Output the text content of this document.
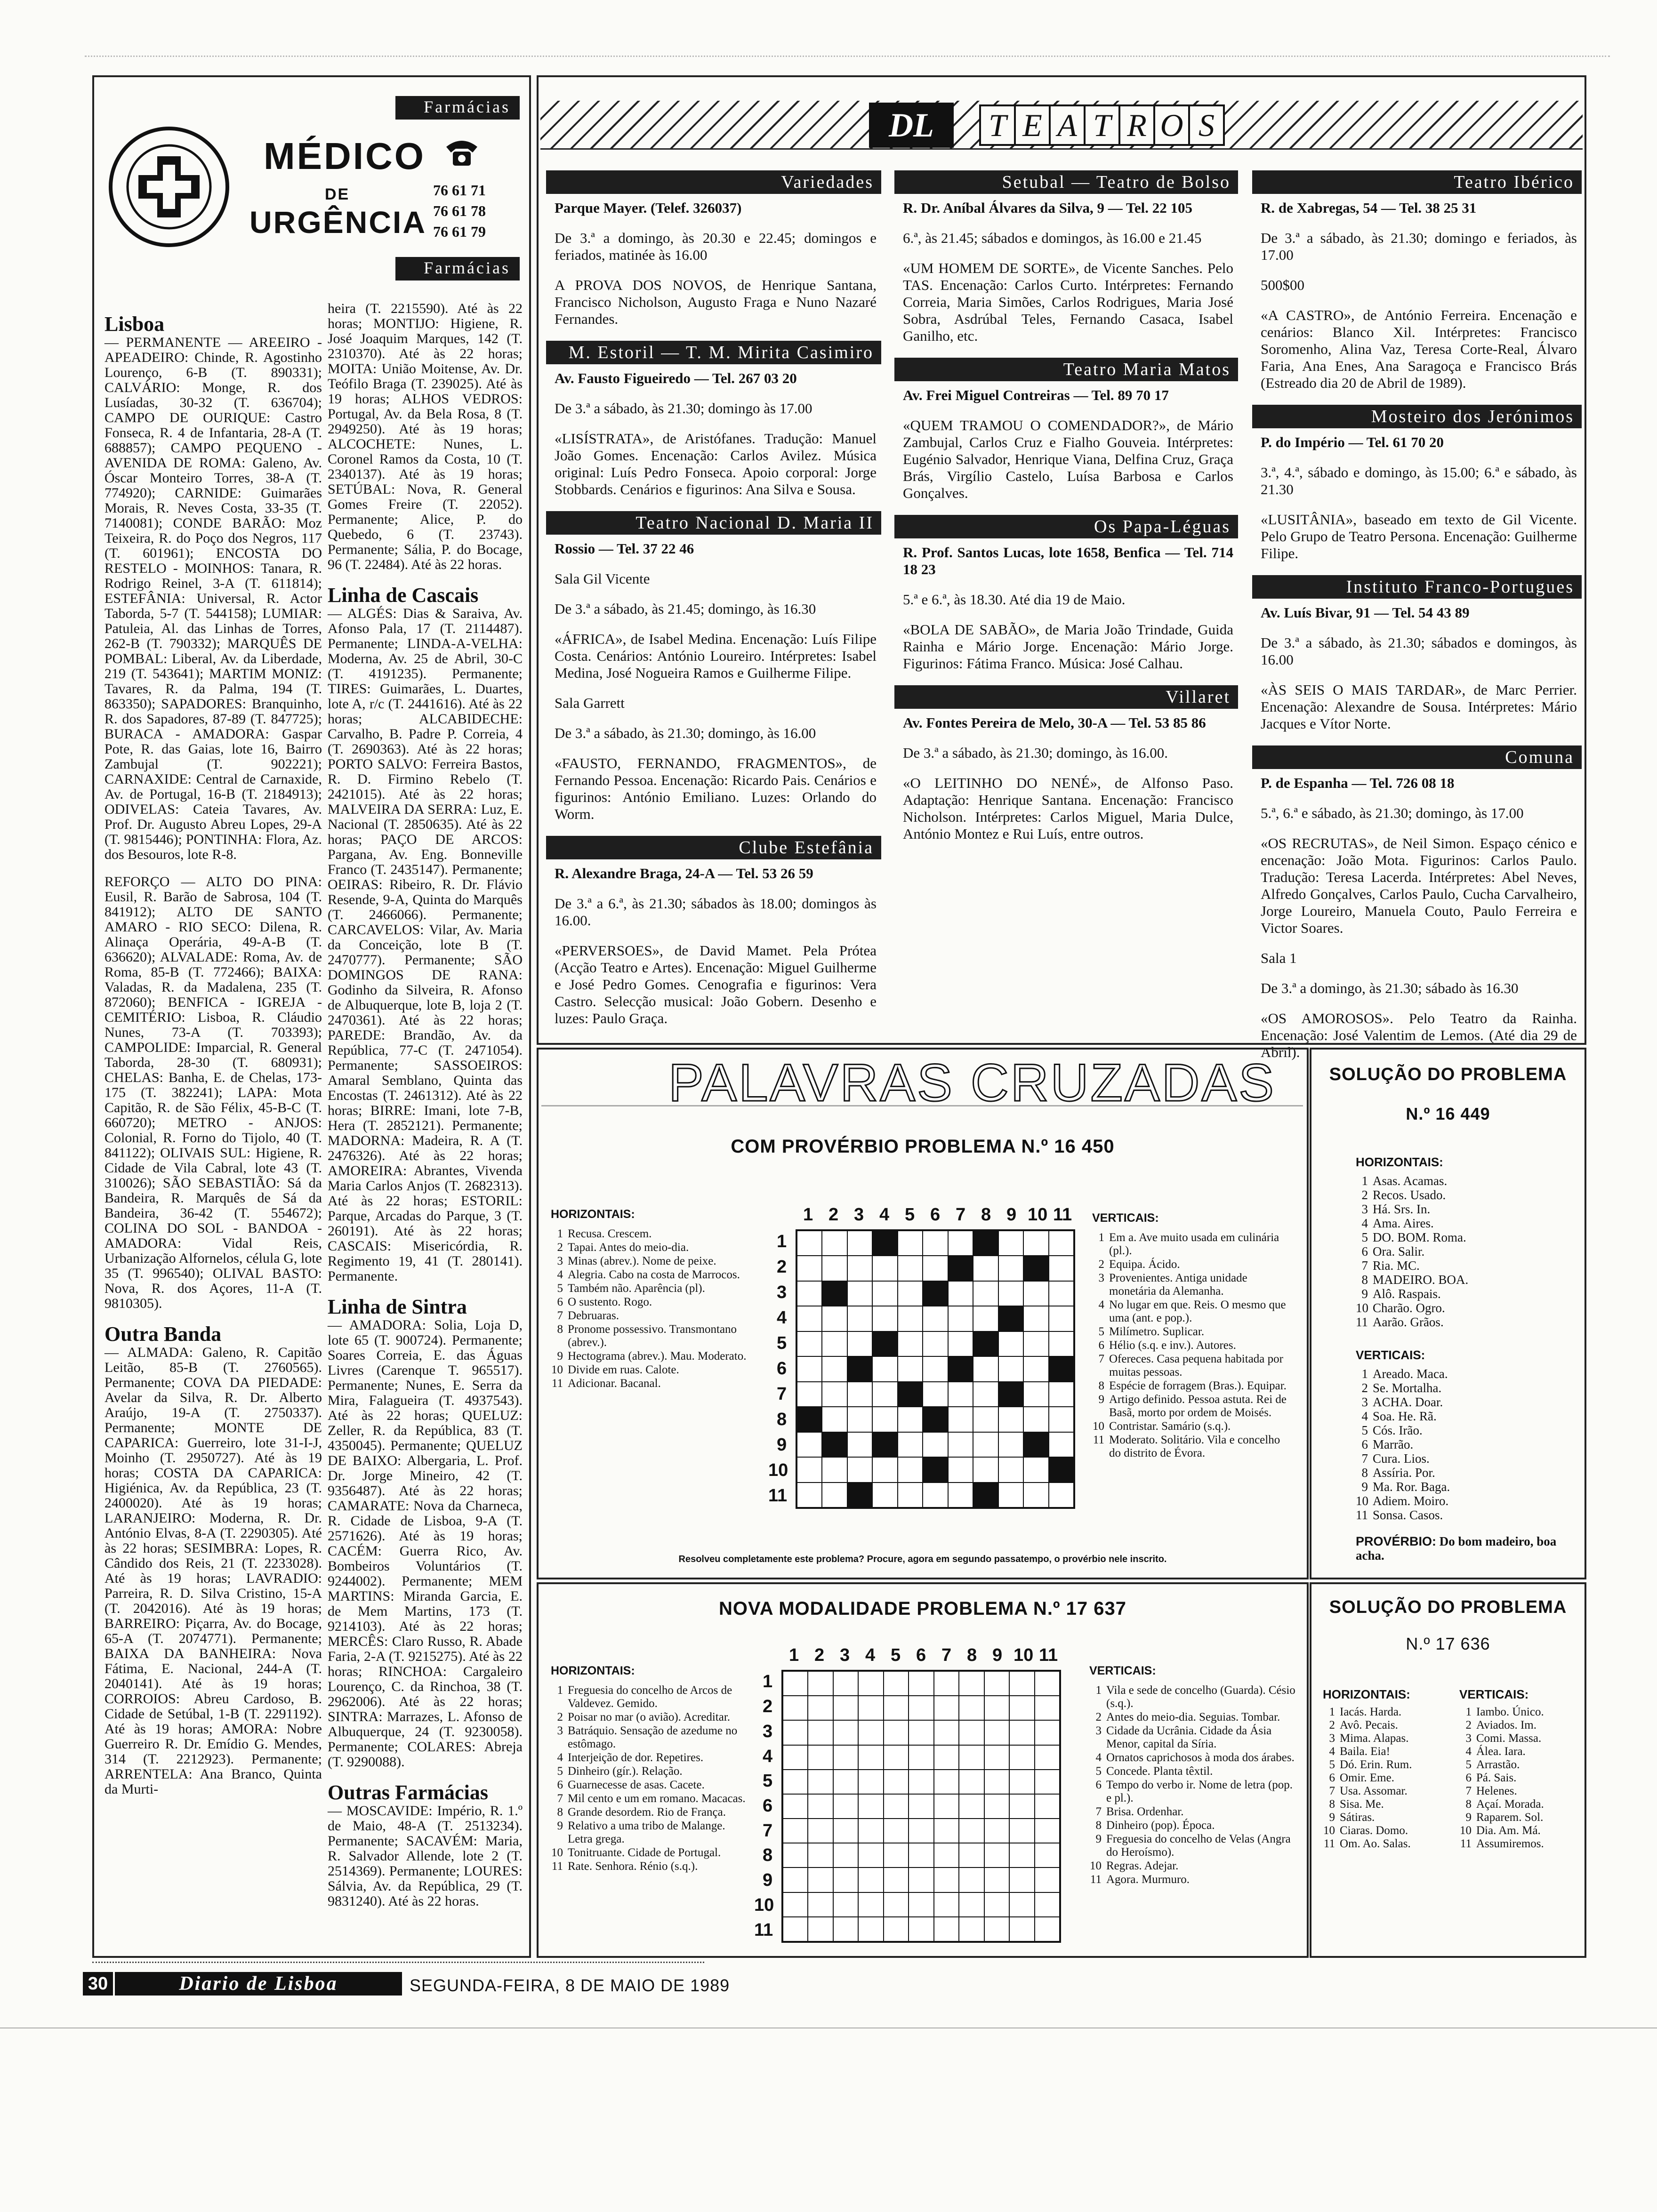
Farmácias
MÉDICO
DE
URGÊNCIA
76 61 71
76 61 78
76 61 79
Farmácias

Lisboa

— PERMANENTE — AREEIRO - APEADEIRO: Chinde, R. Agostinho Lourenço, 6-B (T. 890331); CALVÁRIO: Monge, R. dos Lusíadas, 30-32 (T. 636704); CAMPO DE OURIQUE: Castro Fonseca, R. 4 de Infantaria, 28-A (T. 688857); CAMPO PEQUENO - AVENIDA DE ROMA: Galeno, Av. Óscar Monteiro Torres, 38-A (T. 774920); CARNIDE: Guimarães Morais, R. Neves Costa, 33-35 (T. 7140081); CONDE BARÃO: Moz Teixeira, R. do Poço dos Negros, 117 (T. 601961); ENCOSTA DO RESTELO - MOINHOS: Tanara, R. Rodrigo Reinel, 3-A (T. 611814); ESTEFÂNIA: Universal, R. Actor Taborda, 5-7 (T. 544158); LUMIAR: Patuleia, Al. das Linhas de Torres, 262-B (T. 790332); MARQUÊS DE POMBAL: Liberal, Av. da Liberdade, 219 (T. 543641); MARTIM MONIZ: Tavares, R. da Palma, 194 (T. 863350); SAPADORES: Branquinho, R. dos Sapadores, 87-89 (T. 847725); BURACA - AMADORA: Gaspar Pote, R. das Gaias, lote 16, Bairro Zambujal (T. 902221); CARNAXIDE: Central de Carnaxide, Av. de Portugal, 16-B (T. 2184913); ODIVELAS: Cateia Tavares, Av. Prof. Dr. Augusto Abreu Lopes, 29-A (T. 9815446); PONTINHA: Flora, Az. dos Besouros, lote R-8.

REFORÇO — ALTO DO PINA: Eusil, R. Barão de Sabrosa, 104 (T. 841912); ALTO DE SANTO AMARO - RIO SECO: Dilena, R. Alinaça Operária, 49-A-B (T. 636620); ALVALADE: Roma, Av. de Roma, 85-B (T. 772466); BAIXA: Valadas, R. da Madalena, 235 (T. 872060); BENFICA - IGREJA - CEMITÉRIO: Lisboa, R. Cláudio Nunes, 73-A (T. 703393); CAMPOLIDE: Imparcial, R. General Taborda, 28-30 (T. 680931); CHELAS: Banha, E. de Chelas, 173-175 (T. 382241); LAPA: Mota Capitão, R. de São Félix, 45-B-C (T. 660720); METRO - ANJOS: Colonial, R. Forno do Tijolo, 40 (T. 841122); OLIVAIS SUL: Higiene, R. Cidade de Vila Cabral, lote 43 (T. 310026); SÃO SEBASTIÃO: Sá da Bandeira, R. Marquês de Sá da Bandeira, 36-42 (T. 554672); COLINA DO SOL - BANDOA - AMADORA: Vidal Reis, Urbanização Alfornelos, célula G, lote 35 (T. 996540); OLIVAL BASTO: Nova, R. dos Açores, 11-A (T. 9810305).

Outra Banda

— ALMADA: Galeno, R. Capitão Leitão, 85-B (T. 2760565). Permanente; COVA DA PIEDADE: Avelar da Silva, R. Dr. Alberto Araújo, 19-A (T. 2750337). Permanente; MONTE DE CAPARICA: Guerreiro, lote 31-I-J, Moinho (T. 2950727). Até às 19 horas; COSTA DA CAPARICA: Higiénica, Av. da República, 23 (T. 2400020). Até às 19 horas; LARANJEIRO: Moderna, R. Dr. António Elvas, 8-A (T. 2290305). Até às 22 horas; SESIMBRA: Lopes, R. Cândido dos Reis, 21 (T. 2233028). Até às 19 horas; LAVRADIO: Parreira, R. D. Silva Cristino, 15-A (T. 2042016). Até às 19 horas; BARREIRO: Piçarra, Av. do Bocage, 65-A (T. 2074771). Permanente; BAIXA DA BANHEIRA: Nova Fátima, E. Nacional, 244-A (T. 2040141). Até às 19 horas; CORROIOS: Abreu Cardoso, B. Cidade de Setúbal, 1-B (T. 2291192). Até às 19 horas; AMORA: Nobre Guerreiro R. Dr. Emídio G. Mendes, 314 (T. 2212923). Permanente; ARRENTELA: Ana Branco, Quinta da Murti-

heira (T. 2215590). Até às 22 horas; MONTIJO: Higiene, R. José Joaquim Marques, 142 (T. 2310370). Até às 22 horas; MOITA: União Moitense, Av. Dr. Teófilo Braga (T. 239025). Até às 19 horas; ALHOS VEDROS: Portugal, Av. da Bela Rosa, 8 (T. 2949250). Até às 19 horas; ALCOCHETE: Nunes, L. Coronel Ramos da Costa, 10 (T. 2340137). Até às 19 horas; SETÚBAL: Nova, R. General Gomes Freire (T. 22052). Permanente; Alice, P. do Quebedo, 6 (T. 23743). Permanente; Sália, P. do Bocage, 96 (T. 22484). Até às 22 horas.

Linha de Cascais

— ALGÉS: Dias & Saraiva, Av. Afonso Pala, 17 (T. 2114487). Permanente; LINDA-A-VELHA: Moderna, Av. 25 de Abril, 30-C (T. 4191235). Permanente; TIRES: Guimarães, L. Duartes, lote A, r/c (T. 2441616). Até às 22 horas; ALCABIDECHE: Carvalho, B. Padre P. Correia, 4 (T. 2690363). Até às 22 horas; PORTO SALVO: Ferreira Bastos, R. D. Firmino Rebelo (T. 2421015). Até às 22 horas; MALVEIRA DA SERRA: Luz, E. Nacional (T. 2850635). Até às 22 horas; PAÇO DE ARCOS: Pargana, Av. Eng. Bonneville Franco (T. 2435147). Permanente; OEIRAS: Ribeiro, R. Dr. Flávio Resende, 9-A, Quinta do Marquês (T. 2466066). Permanente; CARCAVELOS: Vilar, Av. Maria da Conceição, lote B (T. 2470777). Permanente; SÃO DOMINGOS DE RANA: Godinho da Silveira, R. Afonso de Albuquerque, lote B, loja 2 (T. 2470361). Até às 22 horas; PAREDE: Brandão, Av. da República, 77-C (T. 2471054). Permanente; SASSOEIROS: Amaral Semblano, Quinta das Encostas (T. 2461312). Até às 22 horas; BIRRE: Imani, lote 7-B, Hera (T. 2852121). Permanente; MADORNA: Madeira, R. A (T. 2476326). Até às 22 horas; AMOREIRA: Abrantes, Vivenda Maria Carlos Anjos (T. 2682313). Até às 22 horas; ESTORIL: Parque, Arcadas do Parque, 3 (T. 260191). Até às 22 horas; CASCAIS: Misericórdia, R. Regimento 19, 41 (T. 280141). Permanente.

Linha de Sintra

— AMADORA: Solia, Loja D, lote 65 (T. 900724). Permanente; Soares Correia, E. das Águas Livres (Carenque T. 965517). Permanente; Nunes, E. Serra da Mira, Falagueira (T. 4937543). Até às 22 horas; QUELUZ: Zeller, R. da República, 83 (T. 4350045). Permanente; QUELUZ DE BAIXO: Albergaria, L. Prof. Dr. Jorge Mineiro, 42 (T. 9356487). Até às 22 horas; CAMARATE: Nova da Charneca, R. Cidade de Lisboa, 9-A (T. 2571626). Até às 19 horas; CACÉM: Guerra Rico, Av. Bombeiros Voluntários (T. 9244002). Permanente; MEM MARTINS: Miranda Garcia, E. de Mem Martins, 173 (T. 9214103). Até às 22 horas; MERCÊS: Claro Russo, R. Abade Faria, 2-A (T. 9215275). Até às 22 horas; RINCHOA: Cargaleiro Lourenço, C. da Rinchoa, 38 (T. 2962006). Até às 22 horas; SINTRA: Marrazes, L. Afonso de Albuquerque, 24 (T. 9230058). Permanente; COLARES: Abreja (T. 9290088).

Outras Farmácias

— MOSCAVIDE: Império, R. 1.º de Maio, 48-A (T. 2513234). Permanente; SACAVÉM: Maria, R. Salvador Allende, lote 2 (T. 2514369). Permanente; LOURES: Sálvia, Av. da República, 29 (T. 9831240). Até às 22 horas.

DL	T E A T R O S
Variedades

Parque Mayer. (Telef. 326037)

De 3.ª a domingo, às 20.30 e 22.45; domingos e feriados, matinée às 16.00

A PROVA DOS NOVOS, de Henrique Santana, Francisco Nicholson, Augusto Fraga e Nuno Nazaré Fernandes.

M. Estoril — T. M. Mirita Casimiro

Av. Fausto Figueiredo — Tel. 267 03 20

De 3.ª a sábado, às 21.30; domingo às 17.00

«LISÍSTRATA», de Aristófanes. Tradução: Manuel João Gomes. Encenação: Carlos Avilez. Música original: Luís Pedro Fonseca. Apoio corporal: Jorge Stobbards. Cenários e figurinos: Ana Silva e Sousa.

Teatro Nacional D. Maria II

Rossio — Tel. 37 22 46

Sala Gil Vicente

De 3.ª a sábado, às 21.45; domingo, às 16.30

«ÁFRICA», de Isabel Medina. Encenação: Luís Filipe Costa. Cenários: António Loureiro. Intérpretes: Isabel Medina, José Nogueira Ramos e Guilherme Filipe.

Sala Garrett

De 3.ª a sábado, às 21.30; domingo, às 16.00

«FAUSTO, FERNANDO, FRAGMENTOS», de Fernando Pessoa. Encenação: Ricardo Pais. Cenários e figurinos: António Emiliano. Luzes: Orlando do Worm.

Clube Estefânia

R. Alexandre Braga, 24-A — Tel. 53 26 59

De 3.ª a 6.ª, às 21.30; sábados às 18.00; domingos às 16.00.

«PERVERSOES», de David Mamet. Pela Prótea (Acção Teatro e Artes). Encenação: Miguel Guilherme e José Pedro Gomes. Cenografia e figurinos: Vera Castro. Selecção musical: João Gobern. Desenho e luzes: Paulo Graça.

Setubal — Teatro de Bolso

R. Dr. Aníbal Álvares da Silva, 9 — Tel. 22 105

6.ª, às 21.45; sábados e domingos, às 16.00 e 21.45

«UM HOMEM DE SORTE», de Vicente Sanches. Pelo TAS. Encenação: Carlos Curto. Intérpretes: Fernando Correia, Maria Simões, Carlos Rodrigues, Maria José Sobra, Asdrúbal Teles, Fernando Casaca, Isabel Ganilho, etc.

Teatro Maria Matos

Av. Frei Miguel Contreiras — Tel. 89 70 17

«QUEM TRAMOU O COMENDADOR?», de Mário Zambujal, Carlos Cruz e Fialho Gouveia. Intérpretes: Eugénio Salvador, Henrique Viana, Delfina Cruz, Graça Brás, Virgílio Castelo, Luísa Barbosa e Carlos Gonçalves.

Os Papa-Léguas

R. Prof. Santos Lucas, lote 1658, Benfica — Tel. 714 18 23

5.ª e 6.ª, às 18.30. Até dia 19 de Maio.

«BOLA DE SABÃO», de Maria João Trindade, Guida Rainha e Mário Jorge. Encenação: Mário Jorge. Figurinos: Fátima Franco. Música: José Calhau.

Villaret

Av. Fontes Pereira de Melo, 30-A — Tel. 53 85 86

De 3.ª a sábado, às 21.30; domingo, às 16.00.

«O LEITINHO DO NENÉ», de Alfonso Paso. Adaptação: Henrique Santana. Encenação: Francisco Nicholson. Intérpretes: Carlos Miguel, Maria Dulce, António Montez e Rui Luís, entre outros.

Teatro Ibérico

R. de Xabregas, 54 — Tel. 38 25 31

De 3.ª a sábado, às 21.30; domingo e feriados, às 17.00

500$00

«A CASTRO», de António Ferreira. Encenação e cenários: Blanco Xil. Intérpretes: Francisco Soromenho, Alina Vaz, Teresa Corte-Real, Álvaro Faria, Ana Enes, Ana Saragoça e Francisco Brás (Estreado dia 20 de Abril de 1989).

Mosteiro dos Jerónimos

P. do Império — Tel. 61 70 20

3.ª, 4.ª, sábado e domingo, às 15.00; 6.ª e sábado, às 21.30

«LUSITÂNIA», baseado em texto de Gil Vicente. Pelo Grupo de Teatro Persona. Encenação: Guilherme Filipe.

Instituto Franco-Portugues

Av. Luís Bivar, 91 — Tel. 54 43 89

De 3.ª a sábado, às 21.30; sábados e domingos, às 16.00

«ÀS SEIS O MAIS TARDAR», de Marc Perrier. Encenação: Alexandre de Sousa. Intérpretes: Mário Jacques e Vítor Norte.

Comuna

P. de Espanha — Tel. 726 08 18

5.ª, 6.ª e sábado, às 21.30; domingo, às 17.00

«OS RECRUTAS», de Neil Simon. Espaço cénico e encenação: João Mota. Figurinos: Carlos Paulo. Tradução: Teresa Lacerda. Intérpretes: Abel Neves, Alfredo Gonçalves, Carlos Paulo, Cucha Carvalheiro, Jorge Loureiro, Manuela Couto, Paulo Ferreira e Victor Soares.

Sala 1

De 3.ª a domingo, às 21.30; sábado às 16.30

«OS AMOROSOS». Pelo Teatro da Rainha. Encenação: José Valentim de Lemos. (Até dia 29 de Abril).

PALAVRAS CRUZADAS
COM PROVÉRBIO PROBLEMA N.º 16 450
HORIZONTAIS:
1 Recusa. Crescem.
2 Tapai. Antes do meio-dia.
3 Minas (abrev.). Nome de peixe.
4 Alegria. Cabo na costa de Marrocos.
5 Também não. Aparência (pl).
6 O sustento. Rogo.
7 Debruaras.
8 Pronome possessivo. Transmontano (abrev.).
9 Hectograma (abrev.). Mau. Moderato.
10 Divide em ruas. Calote.
11 Adicionar. Bacanal.
1 2 3 4 5 6 7 8 9 10 11
1
2
3
4
5
6
7
8
9
10
11
VERTICAIS:
1 Em a. Ave muito usada em culinária (pl.).
2 Equipa. Ácido.
3 Provenientes. Antiga unidade monetária da Alemanha.
4 No lugar em que. Reis. O mesmo que uma (ant. e pop.).
5 Milímetro. Suplicar.
6 Hélio (s.q. e inv.). Autores.
7 Ofereces. Casa pequena habitada por muitas pessoas.
8 Espécie de forragem (Bras.). Equipar.
9 Artigo definido. Pessoa astuta. Rei de Basã, morto por ordem de Moisés.
10 Contristar. Samário (s.q.).
11 Moderato. Solitário. Vila e concelho do distrito de Évora.
Resolveu completamente este problema? Procure, agora em segundo passatempo, o provérbio nele inscrito.
SOLUÇÃO DO PROBLEMA
N.º 16 449
HORIZONTAIS:
1 Asas. Acamas.
2 Recos. Usado.
3 Há. Srs. In.
4 Ama. Aires.
5 DO. BOM. Roma.
6 Ora. Salir.
7 Ria. MC.
8 MADEIRO. BOA.
9 Alô. Raspais.
10 Charão. Ogro.
11 Aarão. Grãos.
VERTICAIS:
1 Areado. Maca.
2 Se. Mortalha.
3 ACHA. Doar.
4 Soa. He. Rã.
5 Cós. Irão.
6 Marrão.
7 Cura. Lios.
8 Assíria. Por.
9 Ma. Ror. Baga.
10 Adiem. Moiro.
11 Sonsa. Casos.
PROVÉRBIO: Do bom madeiro, boa acha.
NOVA MODALIDADE PROBLEMA N.º 17 637
HORIZONTAIS:
1 Freguesia do concelho de Arcos de Valdevez. Gemido.
2 Poisar no mar (o avião). Acreditar.
3 Batráquio. Sensação de azedume no estômago.
4 Interjeição de dor. Repetires.
5 Dinheiro (gír.). Relação.
6 Guarnecesse de asas. Cacete.
7 Mil cento e um em romano. Macacas.
8 Grande desordem. Rio de França.
9 Relativo a uma tribo de Malange. Letra grega.
10 Tonitruante. Cidade de Portugal.
11 Rate. Senhora. Rénio (s.q.).
1 2 3 4 5 6 7 8 9 10 11
1
2
3
4
5
6
7
8
9
10
11
VERTICAIS:
1 Vila e sede de concelho (Guarda). Césio (s.q.).
2 Antes do meio-dia. Seguias. Tombar.
3 Cidade da Ucrânia. Cidade da Ásia Menor, capital da Síria.
4 Ornatos caprichosos à moda dos árabes.
5 Concede. Planta têxtil.
6 Tempo do verbo ir. Nome de letra (pop. e pl.).
7 Brisa. Ordenhar.
8 Dinheiro (pop). Época.
9 Freguesia do concelho de Velas (Angra do Heroísmo).
10 Regras. Adejar.
11 Agora. Murmuro.
SOLUÇÃO DO PROBLEMA
N.º 17 636
HORIZONTAIS:
1 Iacás. Harda.
2 Avô. Pecais.
3 Mima. Alapas.
4 Baila. Eia!
5 Dó. Erin. Rum.
6 Omir. Eme.
7 Usa. Assomar.
8 Sisa. Me.
9 Sátiras.
10 Ciaras. Domo.
11 Om. Ao. Salas.
VERTICAIS:
1 Iambo. Único.
2 Aviados. Im.
3 Comi. Massa.
4 Álea. Iara.
5 Arrastão.
6 Pá. Sais.
7 Helenes.
8 Açaí. Morada.
9 Raparem. Sol.
10 Dia. Am. Má.
11 Assumiremos.
30	Diario de Lisboa	SEGUNDA-FEIRA, 8 DE MAIO DE 1989
